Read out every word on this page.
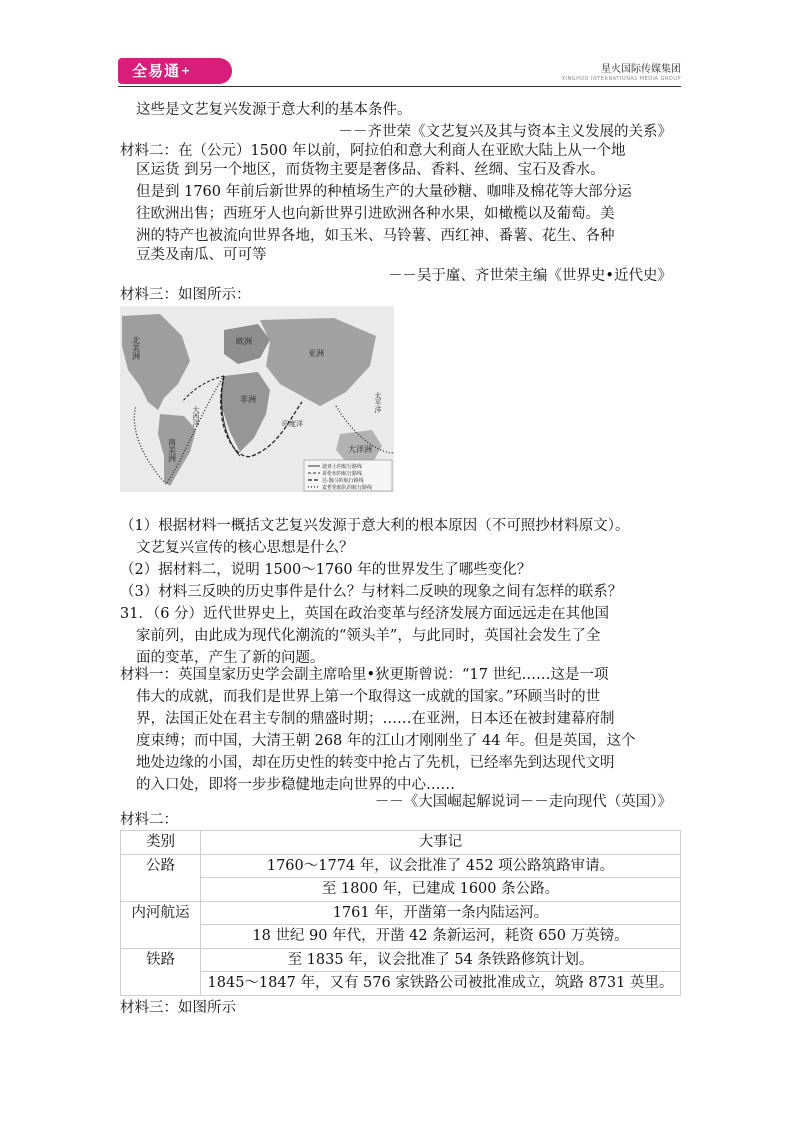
全易通+	星火国际传媒集团
XINGHUO INTERNATIONAL MEDIA GROUP
这些是文艺复兴发源于意大利的基本条件。
－－齐世荣《文艺复兴及其与资本主义发展的关系》
材料二：在（公元）1500 年以前，阿拉伯和意大利商人在亚欧大陆上从一个地
区运货 到另一个地区，而货物主要是奢侈品、香料、丝绸、宝石及香水。
但是到 1760 年前后新世界的种植场生产的大量砂糖、咖啡及棉花等大部分运
往欧洲出售；西班牙人也向新世界引进欧洲各种水果，如橄榄以及葡萄。美
洲的特产也被流向世界各地，如玉米、马铃薯、西红神、番薯、花生、各种
豆类及南瓜、可可等
－－吴于廑、齐世荣主编《世界史•近代史》
材料三：如图所示：
北美洲
南美洲
欧洲
亚洲
非洲
大洋洲
大西洋
太平洋
印度洋
迪亚士的航行路线
哥伦布的航行路线
达·伽马的航行路线
麦哲伦船队的航行路线
（1）根据材料一概括文艺复兴发源于意大利的根本原因（不可照抄材料原文）。
文艺复兴宣传的核心思想是什么？
（2）据材料二，说明 1500～1760 年的世界发生了哪些变化？
（3）材料三反映的历史事件是什么？与材料二反映的现象之间有怎样的联系？
31．（6 分）近代世界史上，英国在政治变革与经济发展方面远远走在其他国
家前列，由此成为现代化潮流的“领头羊”，与此同时，英国社会发生了全
面的变革，产生了新的问题。
材料一：英国皇家历史学会副主席哈里•狄更斯曾说：“17 世纪……这是一项
伟大的成就，而我们是世界上第一个取得这一成就的国家。”环顾当时的世
界，法国正处在君主专制的鼎盛时期；……在亚洲，日本还在被封建幕府制
度束缚；而中国，大清王朝 268 年的江山才刚刚坐了 44 年。但是英国，这个
地处边缘的小国，却在历史性的转变中抢占了先机，已经率先到达现代文明
的入口处，即将一步步稳健地走向世界的中心……
－－《大国崛起解说词－－走向现代（英国）》
材料二：
类别	大事记
公路	1760～1774 年，议会批准了 452 项公路筑路审请。
	至 1800 年，已建成 1600 条公路。
内河航运	1761 年，开凿第一条内陆运河。
	18 世纪 90 年代，开凿 42 条新运河，耗资 650 万英镑。
铁路	至 1835 年，议会批准了 54 条铁路修筑计划。
	1845～1847 年，又有 576 家铁路公司被批准成立，筑路 8731 英里。
材料三：如图所示
